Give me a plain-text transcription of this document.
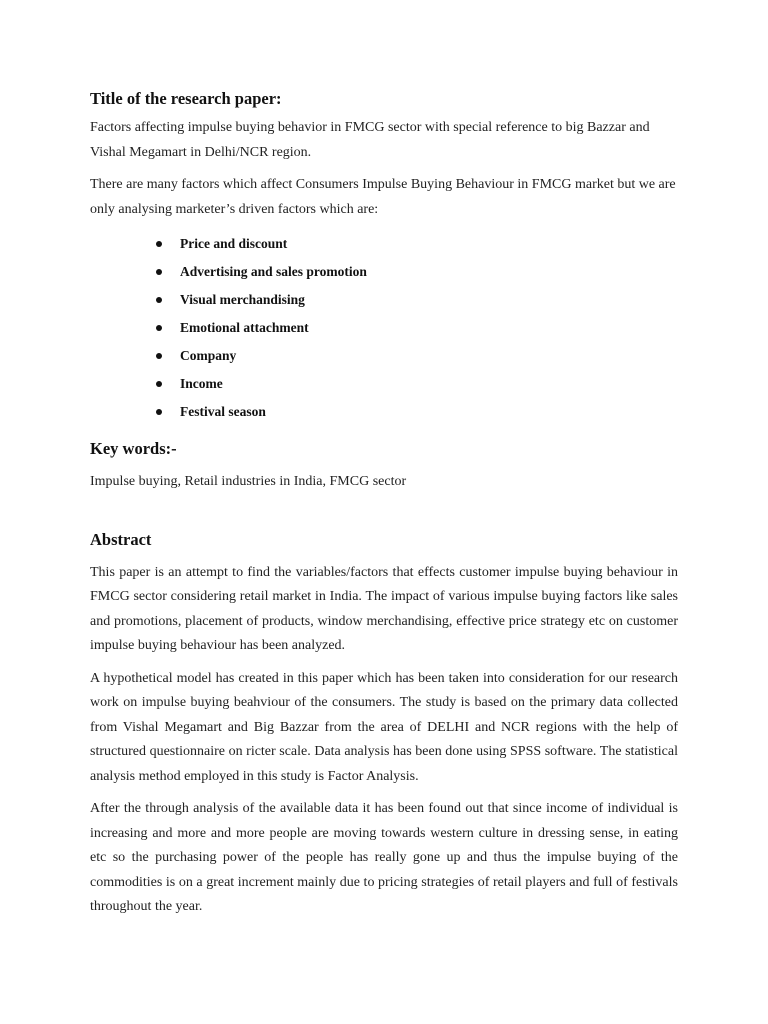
Title of the research paper:

Factors affecting impulse buying behavior in FMCG sector with special reference to big Bazzar and Vishal Megamart in Delhi/NCR region.

There are many factors which affect Consumers Impulse Buying Behaviour in FMCG market but we are only analysing marketer’s driven factors which are:

Price and discount
Advertising and sales promotion
Visual merchandising
Emotional attachment
Company
Income
Festival season
Key words:-

Impulse buying, Retail industries in India, FMCG sector

Abstract

This paper is an attempt to find the variables/factors that effects customer impulse buying behaviour in FMCG sector considering retail market in India. The impact of various impulse buying factors like sales and promotions, placement of products, window merchandising, effective price strategy etc on customer impulse buying behaviour has been analyzed.

A hypothetical model has created in this paper which has been taken into consideration for our research work on impulse buying beahviour of the consumers. The study is based on the primary data collected from Vishal Megamart and Big Bazzar from the area of DELHI and NCR regions with the help of structured questionnaire on ricter scale. Data analysis has been done using SPSS software. The statistical analysis method employed in this study is Factor Analysis.

After the through analysis of the available data it has been found out that since income of individual is increasing and more and more people are moving towards western culture in dressing sense, in eating etc so the purchasing power of the people has really gone up and thus the impulse buying of the commodities is on a great increment mainly due to pricing strategies of retail players and full of festivals throughout the year.
